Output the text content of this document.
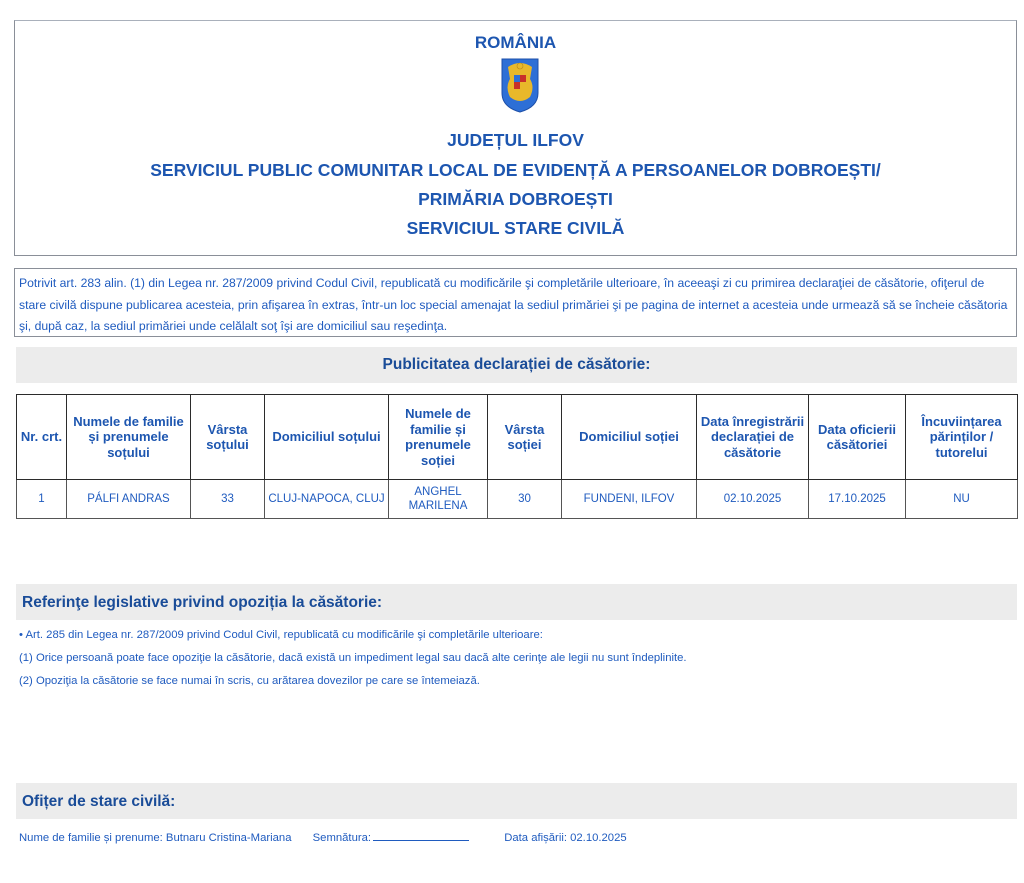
ROMÂNIA
JUDEȚUL ILFOV
SERVICIUL PUBLIC COMUNITAR LOCAL DE EVIDENȚĂ A PERSOANELOR DOBROEȘTI/
PRIMĂRIA DOBROEȘTI
SERVICIUL STARE CIVILĂ
Potrivit art. 283 alin. (1) din Legea nr. 287/2009 privind Codul Civil, republicată cu modificările şi completările ulterioare, în aceeaşi zi cu primirea declaraţiei de căsătorie, ofiţerul de stare civilă dispune publicarea acesteia, prin afişarea în extras, într-un loc special amenajat la sediul primăriei şi pe pagina de internet a acesteia unde urmează să se încheie căsătoria şi, după caz, la sediul primăriei unde celălalt soţ îşi are domiciliul sau reşedinţa.
Publicitatea declarației de căsătorie:
Nr. crt.	Numele de familie și prenumele soțului	Vârsta soțului	Domiciliul soțului	Numele de familie și prenumele soției	Vârsta soției	Domiciliul soției	Data înregistrării declarației de căsătorie	Data oficierii căsătoriei	Încuviințarea părinților / tutorelui
1	PÁLFI ANDRAS	33	CLUJ-NAPOCA, CLUJ	ANGHEL MARILENA	30	FUNDENI, ILFOV	02.10.2025	17.10.2025	NU
Referinţe legislative privind opoziția la căsătorie:
• Art. 285 din Legea nr. 287/2009 privind Codul Civil, republicată cu modificările şi completările ulterioare:
(1) Orice persoană poate face opoziţie la căsătorie, dacă există un impediment legal sau dacă alte cerinţe ale legii nu sunt îndeplinite.
(2) Opoziţia la căsătorie se face numai în scris, cu arătarea dovezilor pe care se întemeiază.
Ofițer de stare civilă:
Nume de familie și prenume: Butnaru Cristina-Mariana Semnătura:	Data afișării: 02.10.2025
